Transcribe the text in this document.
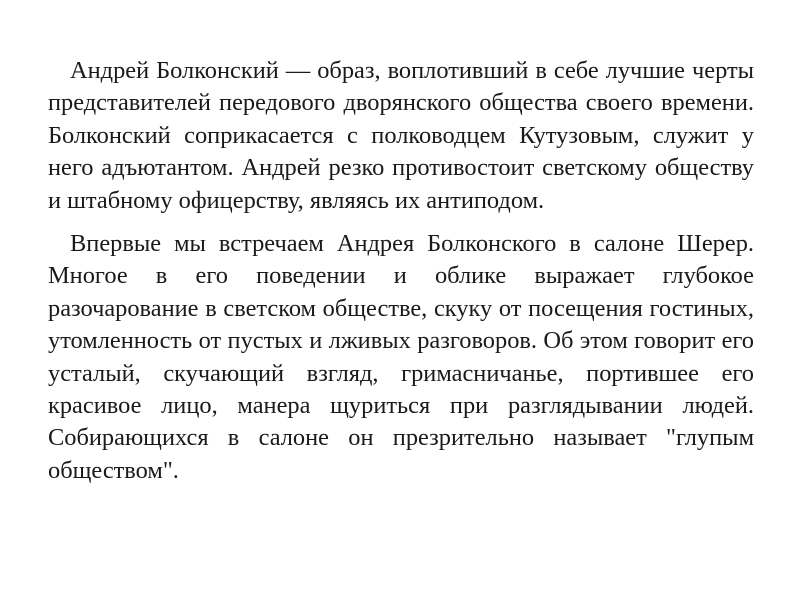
Андрей Болконский — образ, воплотивший в себе лучшие черты представителей передового дворянского общества своего времени. Болконский соприкасается с полководцем Кутузовым, служит у него адъютантом. Андрей резко противостоит светскому обществу и штабному офицерству, являясь их антиподом.

Впервые мы встречаем Андрея Болконского в салоне Шерер. Многое в его поведении и облике выражает глубокое разочарование в светском обществе, скуку от посещения гостиных, утомленность от пустых и лживых разговоров. Об этом говорит его усталый, скучающий взгляд, гримасничанье, портившее его красивое лицо, манера щуриться при разглядывании людей. Собирающихся в салоне он презрительно называет "глупым обществом".
